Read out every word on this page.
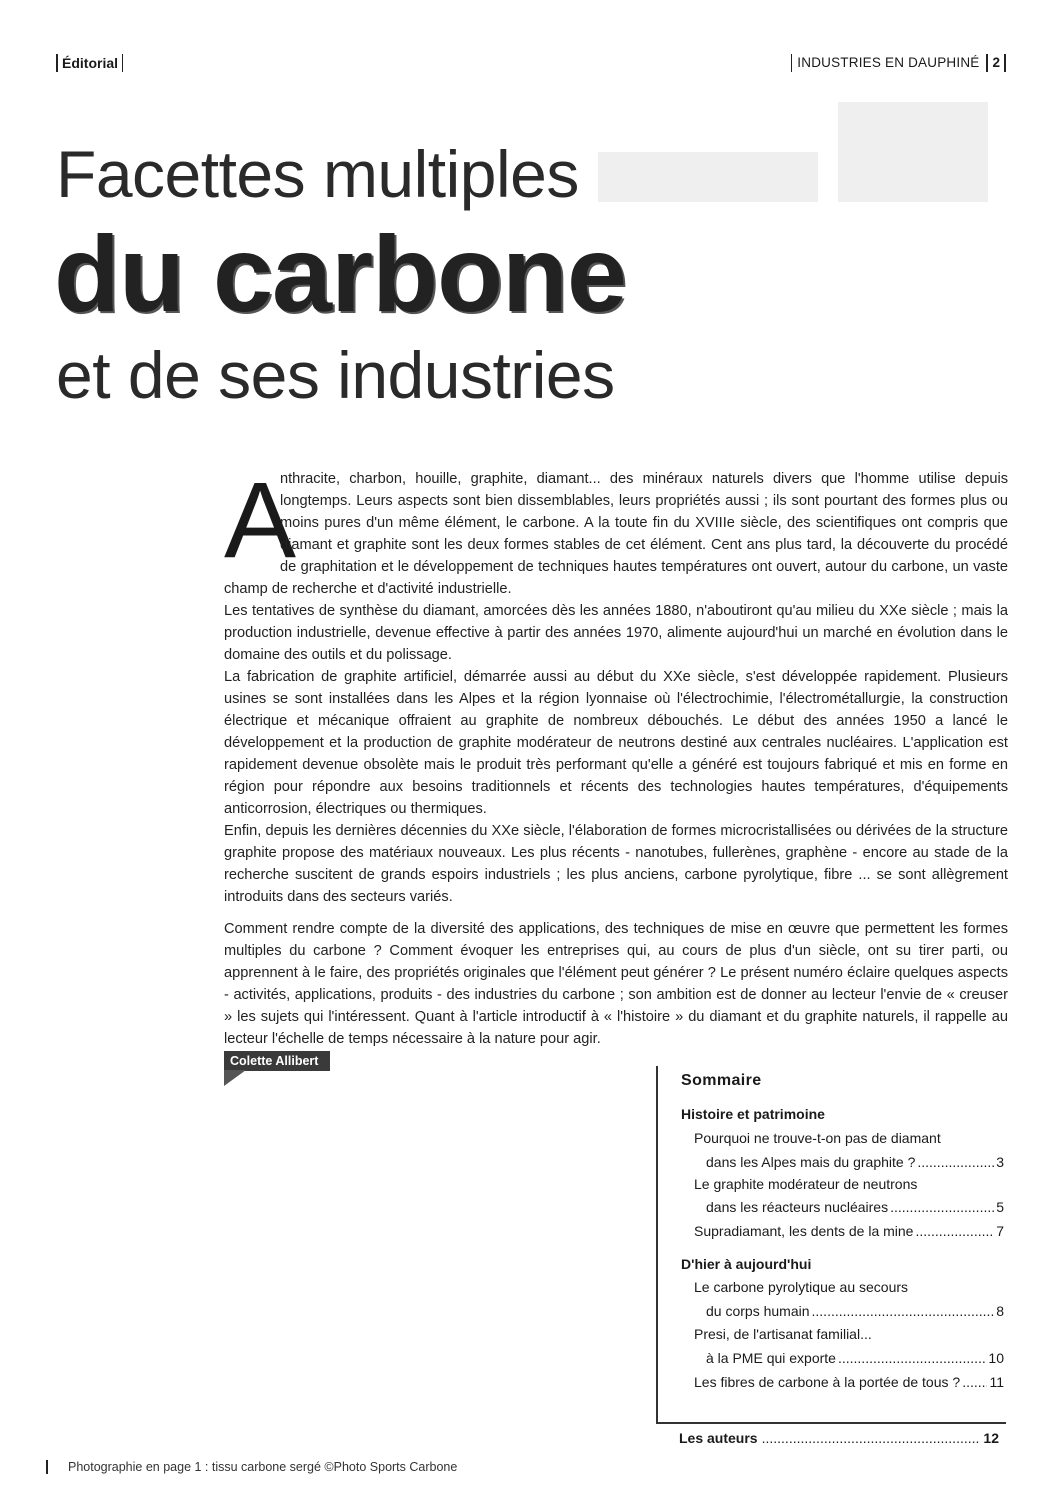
Éditorial	INDUSTRIES EN DAUPHINÉ 2
Facettes multiples
du carbone
et de ses industries

A
nthracite, charbon, houille, graphite, diamant... des minéraux naturels divers que l'homme utilise depuis longtemps. Leurs aspects sont bien dissemblables, leurs propriétés aussi ; ils sont pourtant des formes plus ou moins pures d'un même élément, le carbone. A la toute fin du XVIIIe siècle, des scientifiques ont compris que diamant et graphite sont les deux formes stables de cet élément. Cent ans plus tard, la découverte du procédé de graphitation et le développement de techniques hautes températures ont ouvert, autour du carbone, un vaste champ de recherche et d'activité industrielle.

Les tentatives de synthèse du diamant, amorcées dès les années 1880, n'aboutiront qu'au milieu du XXe siècle ; mais la production industrielle, devenue effective à partir des années 1970, alimente aujourd'hui un marché en évolution dans le domaine des outils et du polissage.

La fabrication de graphite artificiel, démarrée aussi au début du XXe siècle, s'est développée rapidement. Plusieurs usines se sont installées dans les Alpes et la région lyonnaise où l'électrochimie, l'électrométallurgie, la construction électrique et mécanique offraient au graphite de nombreux débouchés. Le début des années 1950 a lancé le développement et la production de graphite modérateur de neutrons destiné aux centrales nucléaires. L'application est rapidement devenue obsolète mais le produit très performant qu'elle a généré est toujours fabriqué et mis en forme en région pour répondre aux besoins traditionnels et récents des technologies hautes températures, d'équipements anticorrosion, électriques ou thermiques.

Enfin, depuis les dernières décennies du XXe siècle, l'élaboration de formes microcristallisées ou dérivées de la structure graphite propose des matériaux nouveaux. Les plus récents - nanotubes, fullerènes, graphène - encore au stade de la recherche suscitent de grands espoirs industriels ; les plus anciens, carbone pyrolytique, fibre ... se sont allègrement introduits dans des secteurs variés.

Comment rendre compte de la diversité des applications, des techniques de mise en œuvre que permettent les formes multiples du carbone ? Comment évoquer les entreprises qui, au cours de plus d'un siècle, ont su tirer parti, ou apprennent à le faire, des propriétés originales que l'élément peut générer ? Le présent numéro éclaire quelques aspects - activités, applications, produits - des industries du carbone ; son ambition est de donner au lecteur l'envie de « creuser » les sujets qui l'intéressent. Quant à l'article introductif à « l'histoire » du diamant et du graphite naturels, il rappelle au lecteur l'échelle de temps nécessaire à la nature pour agir.

Colette Allibert
Sommaire
Histoire et patrimoine
Pourquoi ne trouve-t-on pas de diamant
dans les Alpes mais du graphite ? .....	3
Le graphite modérateur de neutrons
dans les réacteurs nucléaires .....	5
Supradiamant, les dents de la mine .....	7
D'hier à aujourd'hui
Le carbone pyrolytique au secours
du corps humain .....	8
Presi, de l'artisanat familial...
à la PME qui exporte .....	10
Les fibres de carbone à la portée de tous ? ..... 11
Les auteurs .....	12
Photographie en page 1 : tissu carbone sergé ©Photo Sports Carbone
